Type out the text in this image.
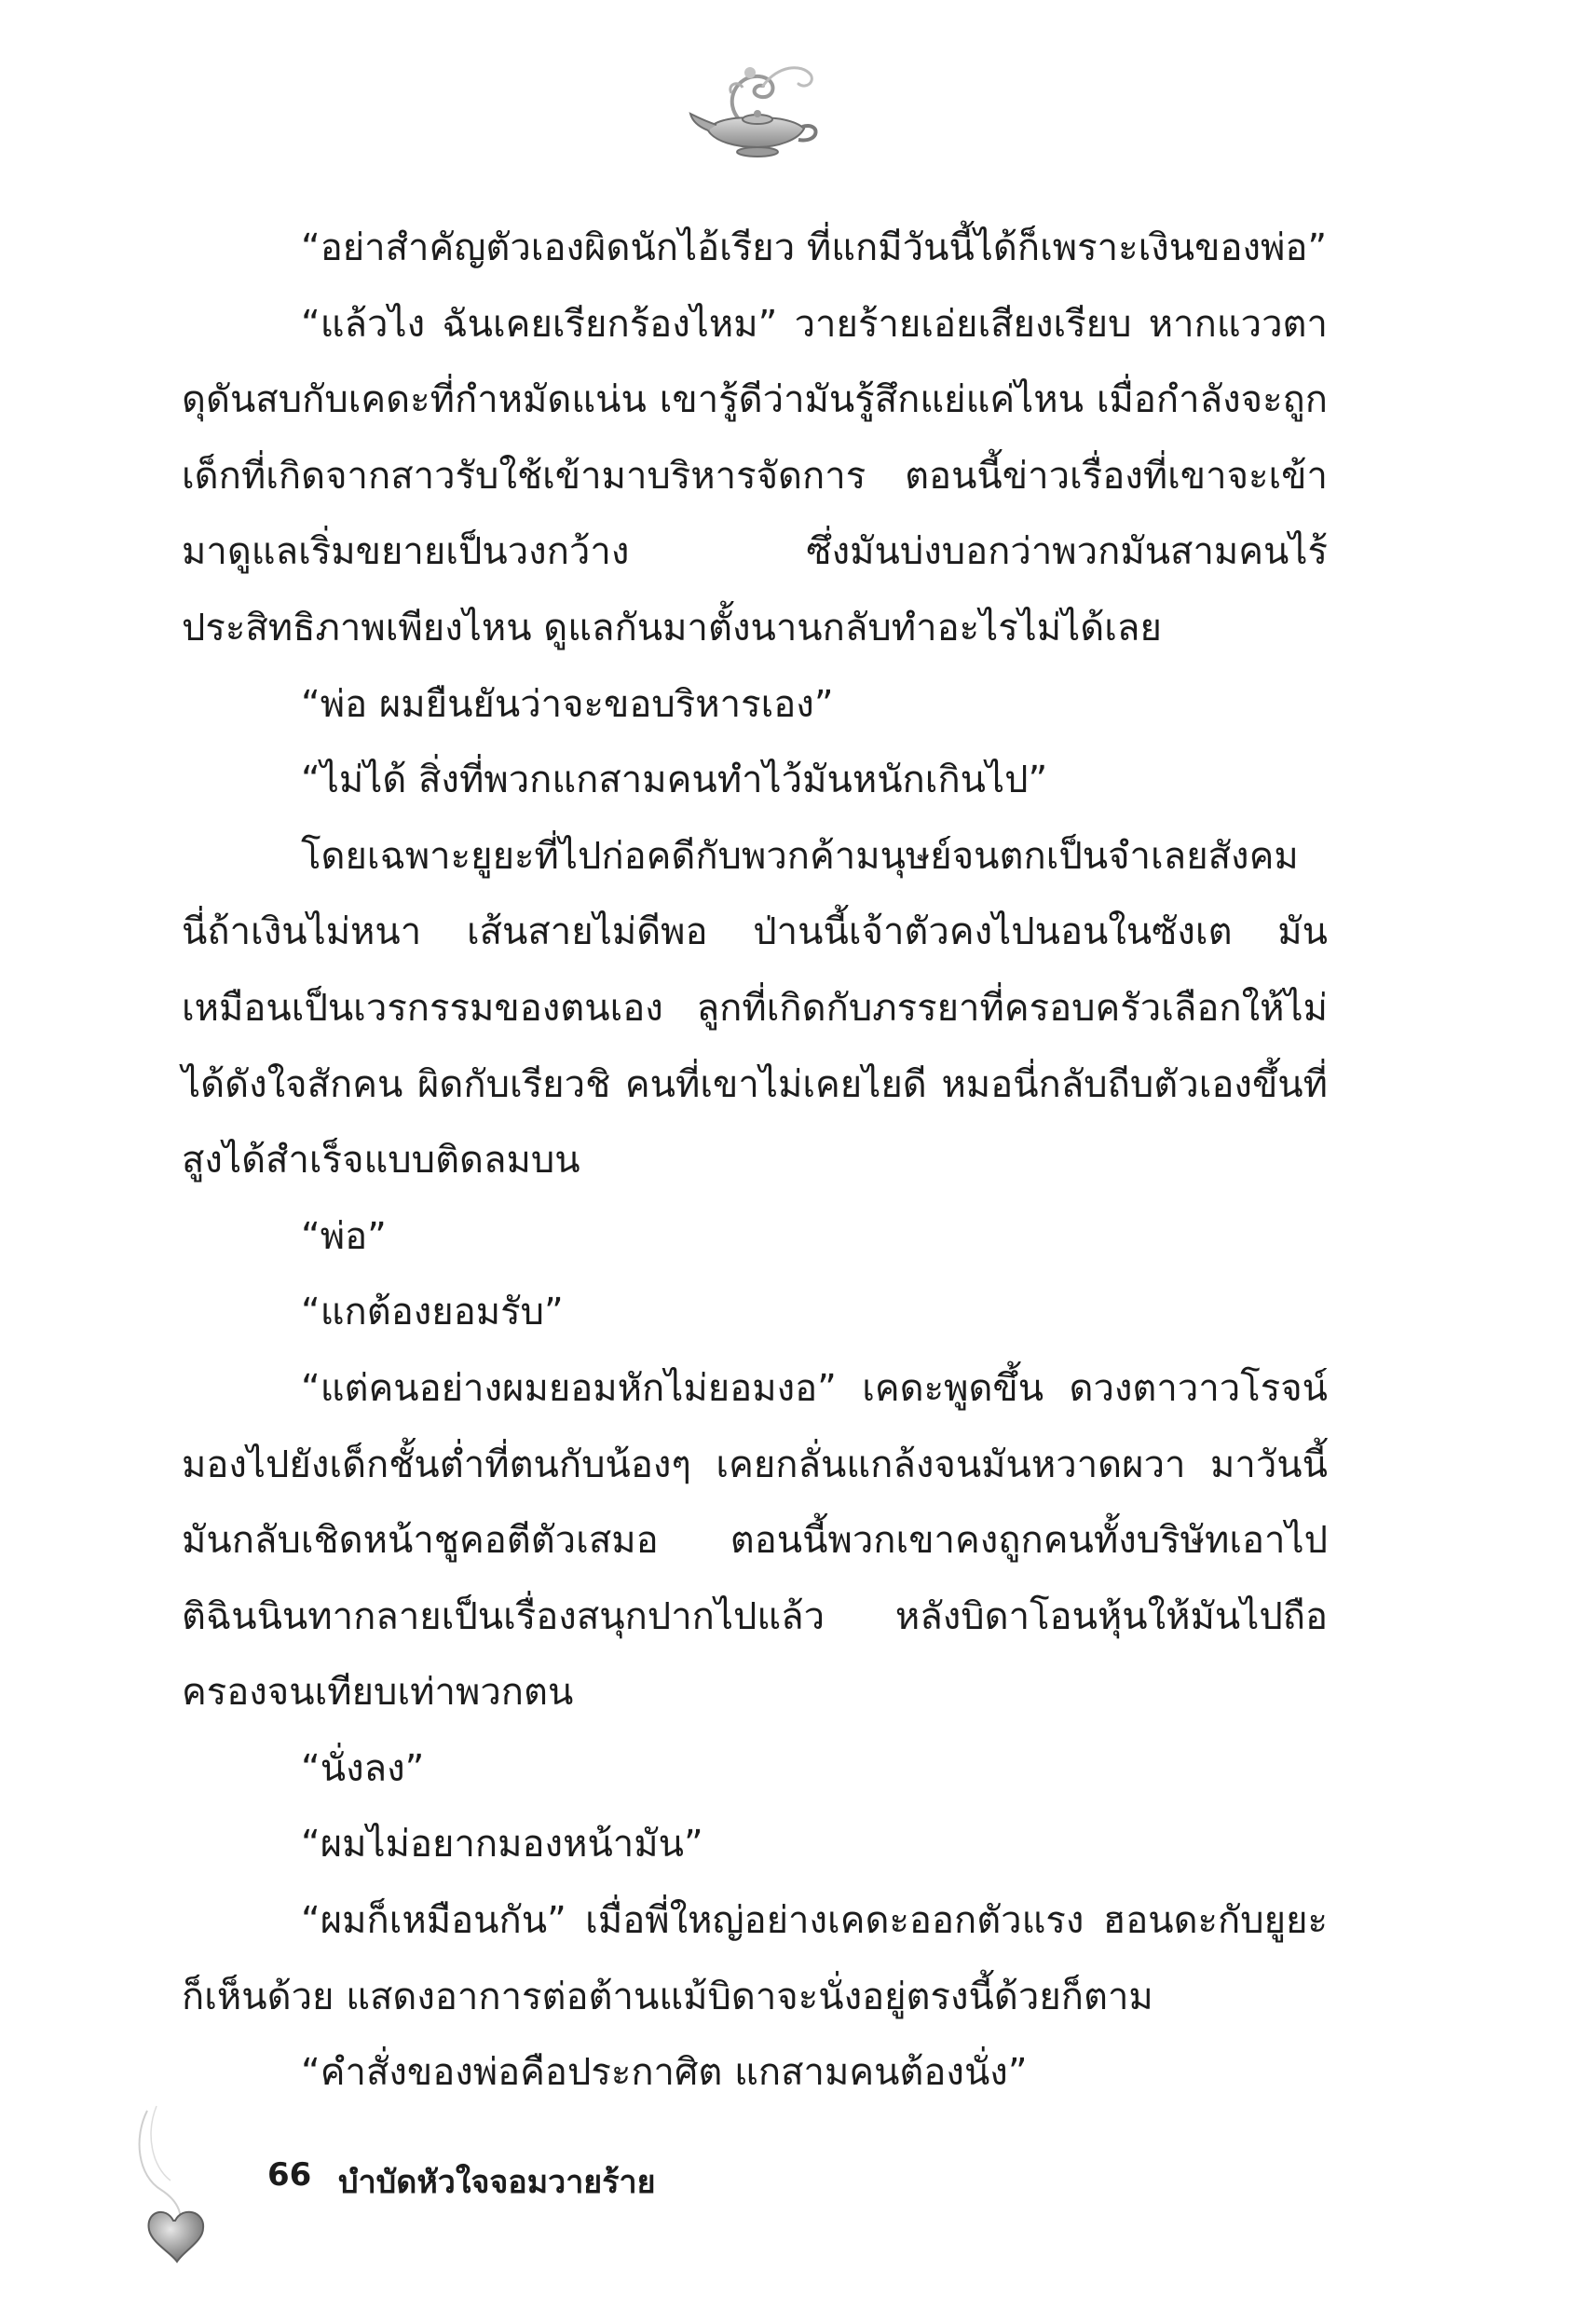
“อย่าสำคัญตัวเองผิดนักไอ้เรียว ที่แกมีวันนี้ได้ก็เพราะเงินของพ่อ”

“แล้วไง ฉันเคยเรียกร้องไหม” วายร้ายเอ่ยเสียงเรียบ หากแววตาดุดันสบกับเคดะที่กำหมัดแน่น เขารู้ดีว่ามันรู้สึกแย่แค่ไหน เมื่อกำลังจะถูกเด็กที่เกิดจากสาวรับใช้เข้ามาบริหารจัดการ ตอนนี้ข่าวเรื่องที่เขาจะเข้ามาดูแลเริ่มขยายเป็นวงกว้าง ซึ่งมันบ่งบอกว่าพวกมันสามคนไร้ประสิทธิภาพเพียงไหน ดูแลกันมาตั้งนานกลับทำอะไรไม่ได้เลย

“พ่อ ผมยืนยันว่าจะขอบริหารเอง”

“ไม่ได้ สิ่งที่พวกแกสามคนทำไว้มันหนักเกินไป”

โดยเฉพาะยูยะที่ไปก่อคดีกับพวกค้ามนุษย์จนตกเป็นจำเลยสังคม นี่ถ้าเงินไม่หนา เส้นสายไม่ดีพอ ป่านนี้เจ้าตัวคงไปนอนในซังเต มันเหมือนเป็นเวรกรรมของตนเอง ลูกที่เกิดกับภรรยาที่ครอบครัวเลือกให้ไม่ได้ดังใจสักคน ผิดกับเรียวชิ คนที่เขาไม่เคยไยดี หมอนี่กลับถีบตัวเองขึ้นที่สูงได้สำเร็จแบบติดลมบน

“พ่อ”

“แกต้องยอมรับ”

“แต่คนอย่างผมยอมหักไม่ยอมงอ” เคดะพูดขึ้น ดวงตาวาวโรจน์มองไปยังเด็กชั้นต่ำที่ตนกับน้องๆ เคยกลั่นแกล้งจนมันหวาดผวา มาวันนี้มันกลับเชิดหน้าชูคอตีตัวเสมอ ตอนนี้พวกเขาคงถูกคนทั้งบริษัทเอาไปติฉินนินทากลายเป็นเรื่องสนุกปากไปแล้ว หลังบิดาโอนหุ้นให้มันไปถือครองจนเทียบเท่าพวกตน

“นั่งลง”

“ผมไม่อยากมองหน้ามัน”

“ผมก็เหมือนกัน” เมื่อพี่ใหญ่อย่างเคดะออกตัวแรง ฮอนดะกับยูยะก็เห็นด้วย แสดงอาการต่อต้านแม้บิดาจะนั่งอยู่ตรงนี้ด้วยก็ตาม

“คำสั่งของพ่อคือประกาศิต แกสามคนต้องนั่ง”

66 บำบัดหัวใจจอมวายร้าย
